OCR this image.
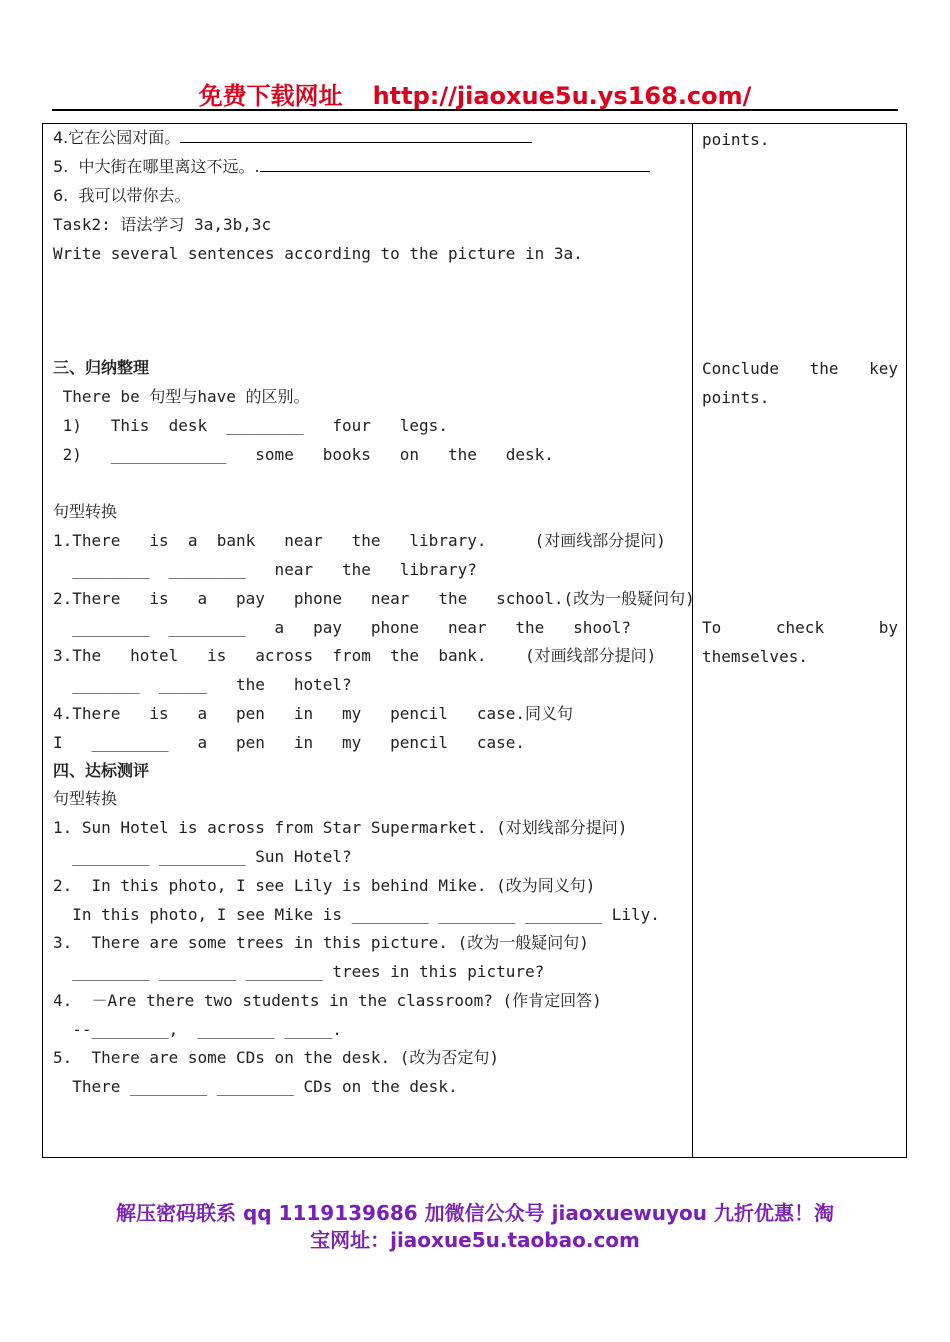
免费下载网址 http://jiaoxue5u.ys168.com/
4.它在公园对面。
5.  中大街在哪里离这不远。.
6.  我可以带你去。
Task2: 语法学习 3a,3b,3c
Write several sentences according to the picture in 3a.
三、归纳整理
There be 句型与have 的区别。
1)   This  desk  ________   four   legs.
2)   ____________   some   books   on   the   desk.
句型转换
1.There   is  a  bank   near   the   library.     (对画线部分提问)
________  ________   near   the   library?
2.There   is   a   pay   phone   near   the   school.(改为一般疑问句)
________  ________   a   pay   phone   near   the   shool?
3.The   hotel   is   across  from  the  bank.    (对画线部分提问)
_______  _____   the   hotel?
4.There   is   a   pen   in   my   pencil   case.同义句
I   ________   a   pen   in   my   pencil   case.
四、达标测评
句型转换
1. Sun Hotel is across from Star Supermarket. (对划线部分提问)
________ _________ Sun Hotel?
2.  In this photo, I see Lily is behind Mike. (改为同义句)
In this photo, I see Mike is ________ ________ ________ Lily.
3.  There are some trees in this picture. (改为一般疑问句)
________ ________ ________ trees in this picture?
4.  －Are there two students in the classroom? (作肯定回答)
--________,  ________ _____.
5.  There are some CDs on the desk. (改为否定句)
There ________ ________ CDs on the desk.
points.
Conclude the key
points.
To	check	by
themselves.
解压密码联系 qq 1119139686 加微信公众号 jiaoxuewuyou 九折优惠！淘
宝网址：jiaoxue5u.taobao.com
